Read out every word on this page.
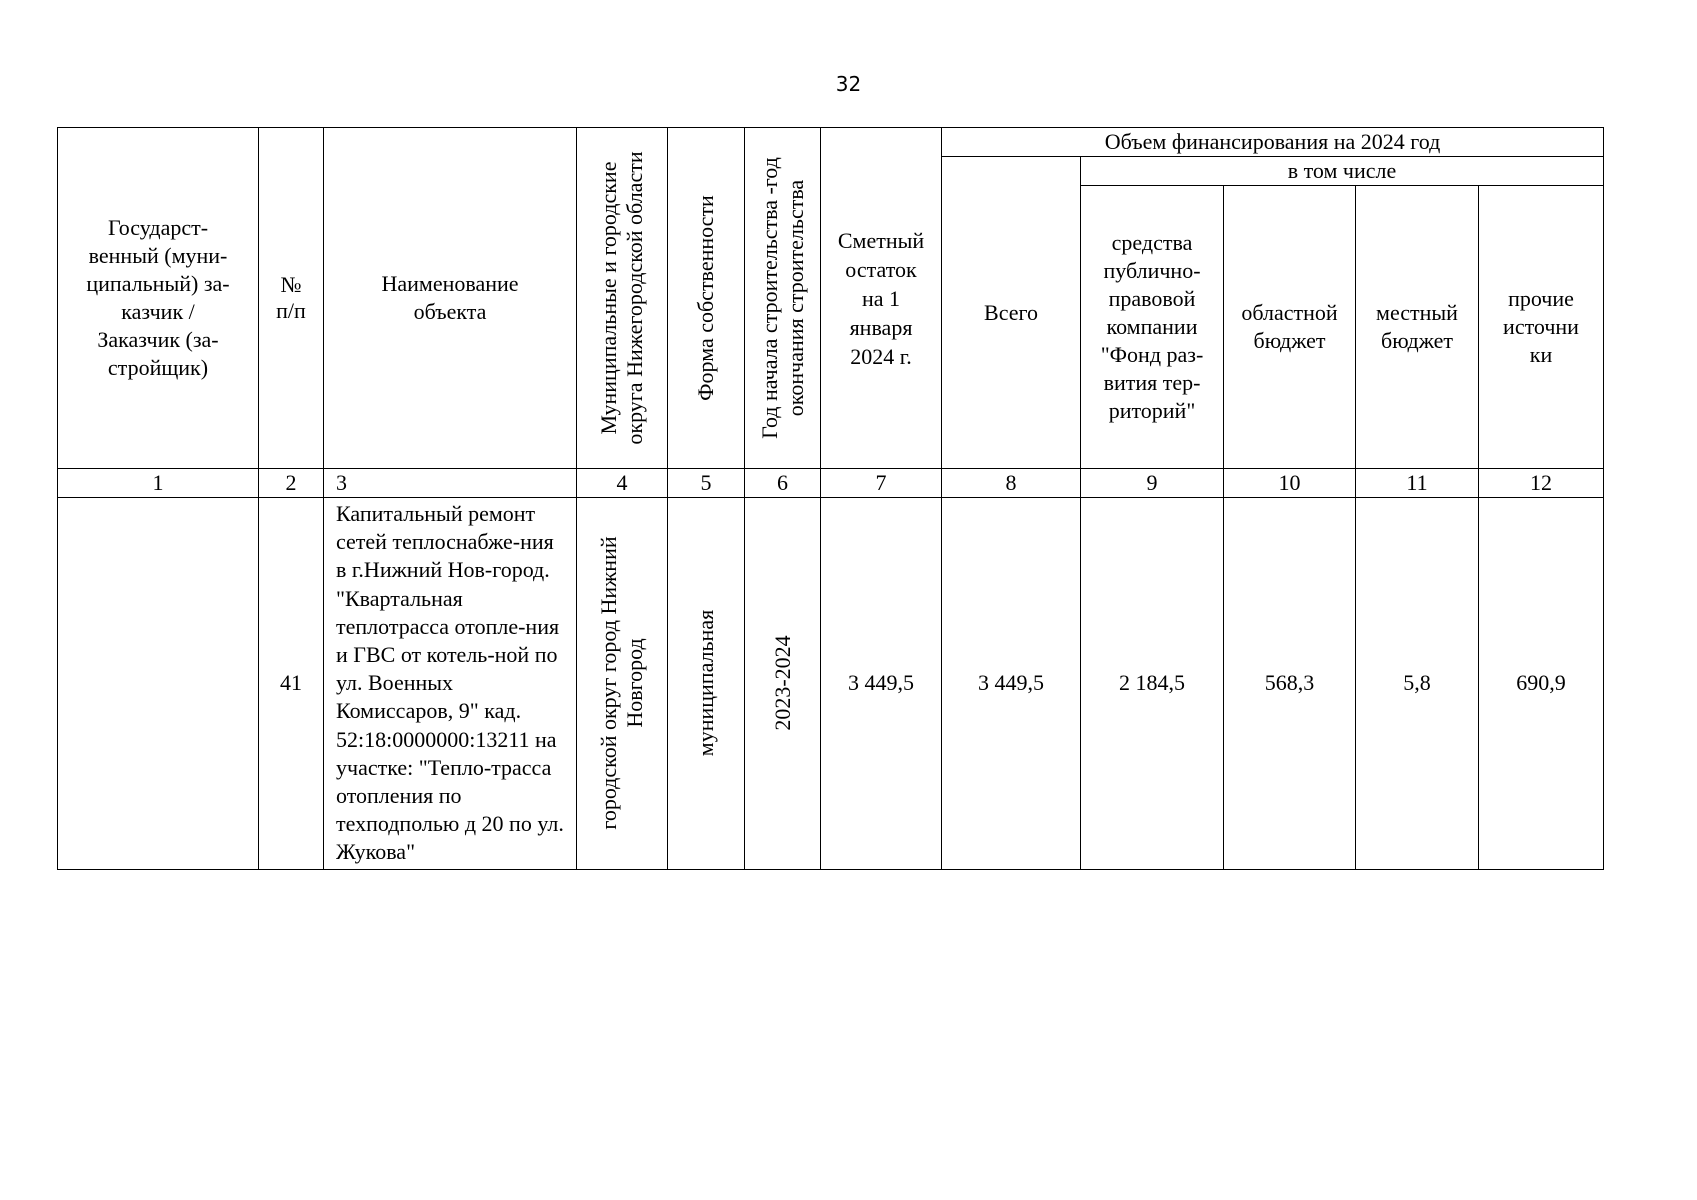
32
Государст-венный (муни-ципальный) за-казчик / Заказчик (за-стройщик)	№ п/п	Наименование объекта	Муниципальные и городские округа Нижегородской области	Форма собственности	Год начала строительства -год окончания строительства	Сметный остаток на 1 января 2024 г.	Объем финансирования на 2024 год				
							Всего	в том числе			
								средства публично-правовой компании "Фонд раз-вития тер-риторий"	областной бюджет	местный бюджет	прочие источни ки
1	2	3	4	5	6	7	8	9	10	11	12
	41	Капитальный ремонт сетей теплоснабже-ния в г.Нижний Нов-город. "Квартальная теплотрасса отопле-ния и ГВС от котель-ной по ул. Военных Комиссаров, 9" кад. 52:18:0000000:13211 на участке: "Тепло-трасса отопления по техподполью д 20 по ул. Жукова"	городской округ город Нижний Новгород	муниципальная	2023-2024	3 449,5	3 449,5	2 184,5	568,3	5,8	690,9
